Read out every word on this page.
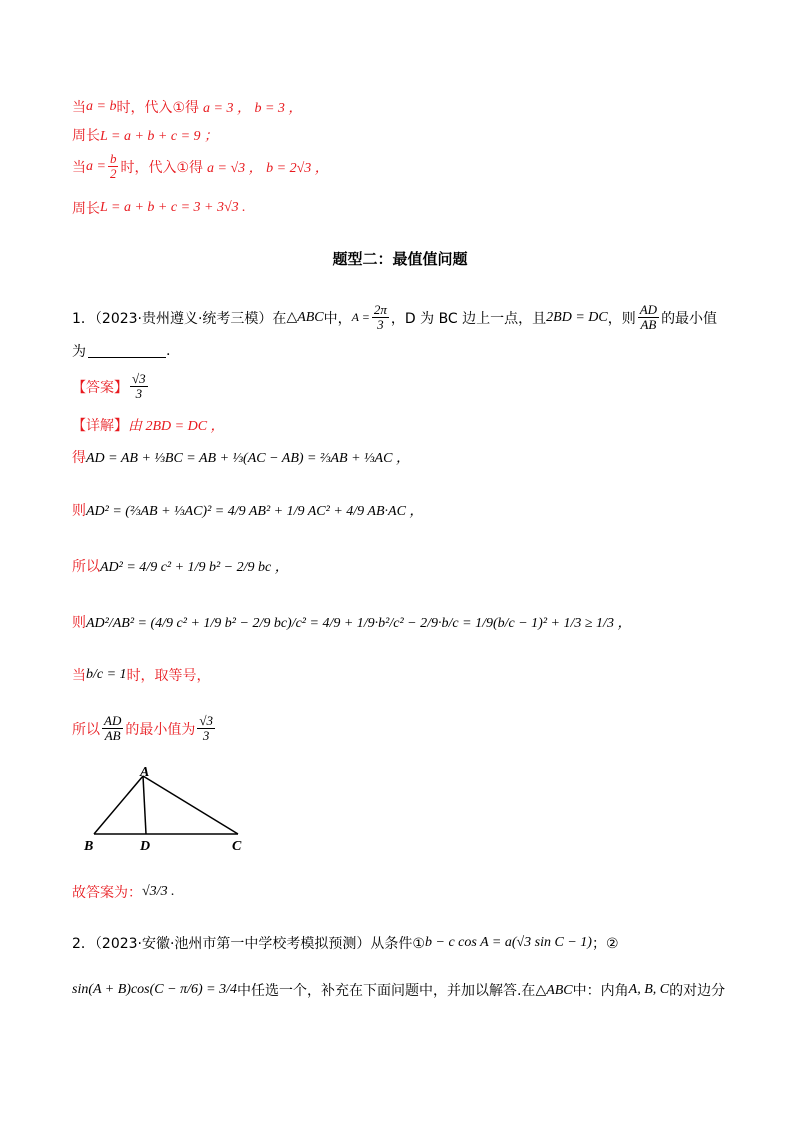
当 a = b 时，代入①得 a = 3 ， b = 3 ，
周长 L = a + b + c = 9 ；
当 $a = \frac{b}{2}$ 时，代入①得 a = √3 ， b = 2√3 ，
周长 L = a + b + c = 3 + 3√3 .
题型二：最值值问题
1．（2023·贵州遵义·统考三模）在 △ABC 中， $A = \frac{2\pi}{3}$ ，D 为 BC 边上一点，且 2BD = DC ，则 $\frac{AD}{AB}$ 的最小值
为	.
【答案】 $\frac{√3}{3}$
【详解】 由 2BD = DC ，
得 AD = AB + ⅓BC = AB + ⅓(AC − AB) = ⅔AB + ⅓AC ，
则 AD² = (⅔AB + ⅓AC)² = 4/9 AB² + 1/9 AC² + 4/9 AB·AC ，
所以 AD² = 4/9 c² + 1/9 b² − 2/9 bc ，
则 AD²/AB² = (4/9 c² + 1/9 b² − 2/9 bc)/c² = 4/9 + 1/9·b²/c² − 2/9·b/c = 1/9(b/c − 1)² + 1/3 ≥ 1/3 ，
当 b/c = 1 时，取等号，
所以 $\frac{AD}{AB}$ 的最小值为 $\frac{√3}{3}$
A
B	D	C
故答案为： √3/3 .
2．（2023·安徽·池州市第一中学校考模拟预测）从条件① b − c cos A = a(√3 sin C − 1) ；②
sin(A + B)cos(C − π/6) = 3/4 中任选一个，补充在下面问题中，并加以解答.在 △ABC 中：内角 A, B, C 的对边分
